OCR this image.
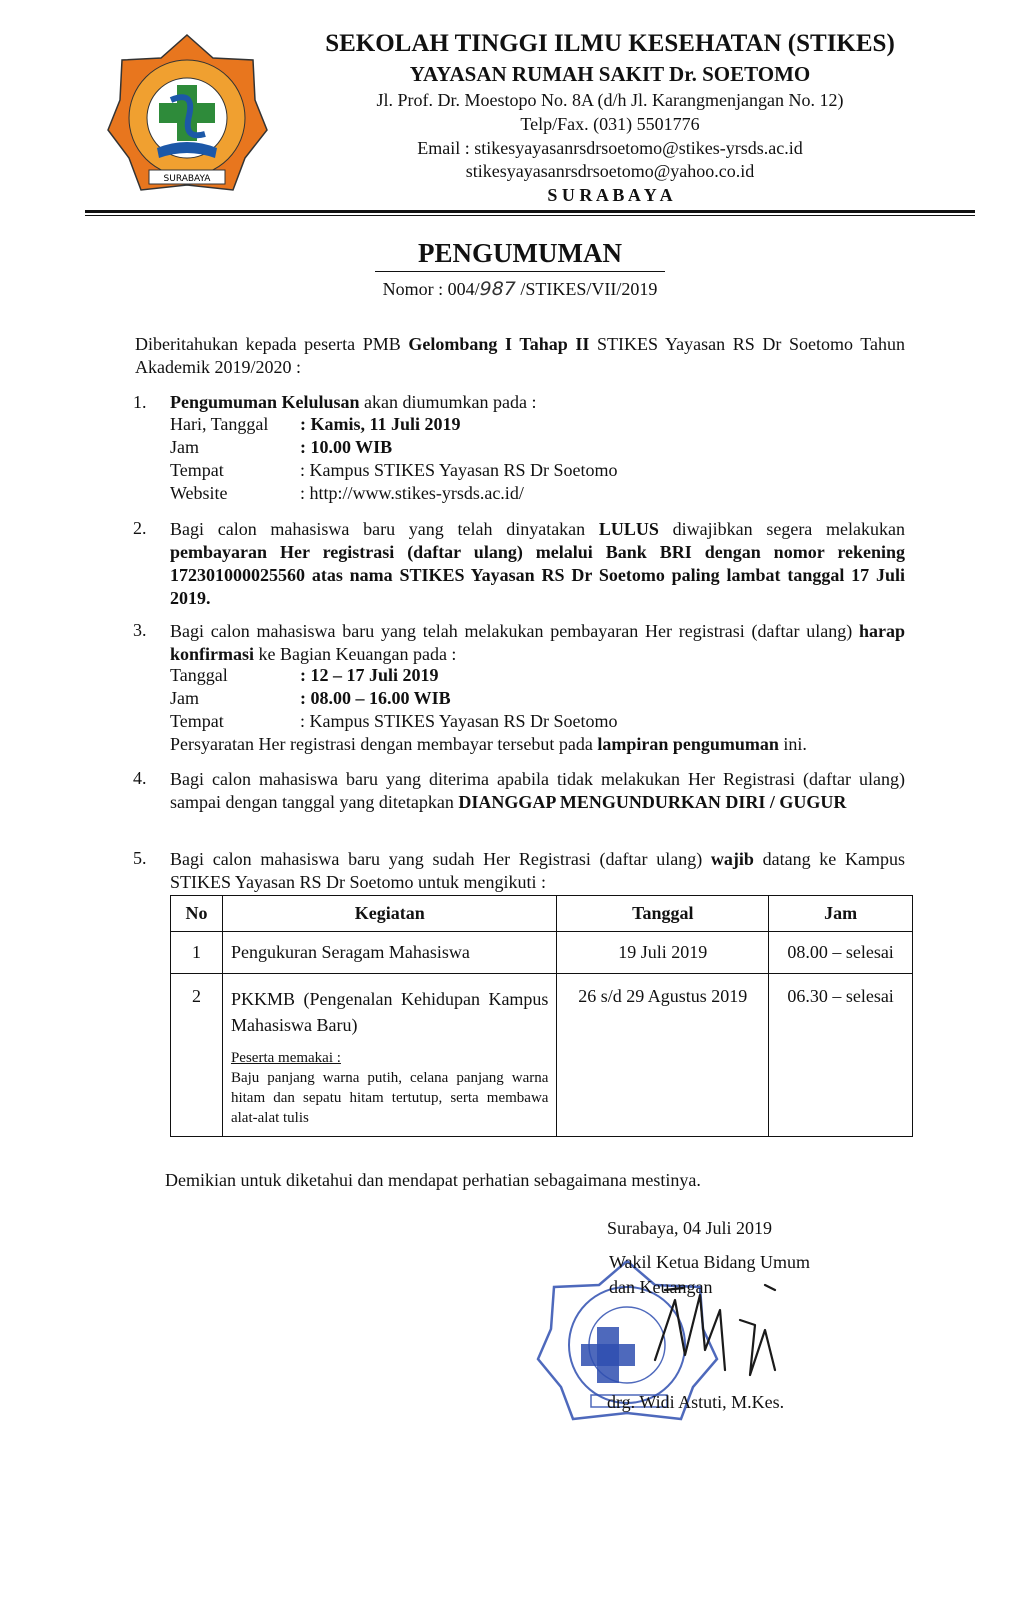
SURABAYA
SEKOLAH TINGGI ILMU KESEHATAN (STIKES)
YAYASAN RUMAH SAKIT Dr. SOETOMO
Jl. Prof. Dr. Moestopo No. 8A (d/h Jl. Karangmenjangan No. 12)
Telp/Fax. (031) 5501776
Email : stikesyayasanrsdrsoetomo@stikes-yrsds.ac.id
stikesyayasanrsdrsoetomo@yahoo.co.id
S U R A B A Y A
PENGUMUMAN
Nomor : 004/987 /STIKES/VII/2019
Diberitahukan kepada peserta PMB Gelombang I Tahap II STIKES Yayasan RS Dr Soetomo Tahun Akademik 2019/2020 :
1. Pengumuman Kelulusan akan diumumkan pada :
Hari, Tanggal : Kamis, 11 Juli 2019
Jam	: 10.00 WIB
Tempat	: Kampus STIKES Yayasan RS Dr Soetomo
Website	: http://www.stikes-yrsds.ac.id/
2. Bagi calon mahasiswa baru yang telah dinyatakan LULUS diwajibkan segera melakukan pembayaran Her registrasi (daftar ulang) melalui Bank BRI dengan nomor rekening 172301000025560 atas nama STIKES Yayasan RS Dr Soetomo paling lambat tanggal 17 Juli 2019.
3. Bagi calon mahasiswa baru yang telah melakukan pembayaran Her registrasi (daftar ulang) harap konfirmasi ke Bagian Keuangan pada :
Tanggal	: 12 – 17 Juli 2019
Jam	: 08.00 – 16.00 WIB
Tempat	: Kampus STIKES Yayasan RS Dr Soetomo
Persyaratan Her registrasi dengan membayar tersebut pada lampiran pengumuman ini.
4. Bagi calon mahasiswa baru yang diterima apabila tidak melakukan Her Registrasi (daftar ulang) sampai dengan tanggal yang ditetapkan DIANGGAP MENGUNDURKAN DIRI / GUGUR
5. Bagi calon mahasiswa baru yang sudah Her Registrasi (daftar ulang) wajib datang ke Kampus STIKES Yayasan RS Dr Soetomo untuk mengikuti :
No	Kegiatan	Tanggal	Jam
1	Pengukuran Seragam Mahasiswa	19 Juli 2019	08.00 – selesai
2	PKKMB (Pengenalan Kehidupan Kampus Mahasiswa Baru)
Peserta memakai :
Baju panjang warna putih, celana panjang warna hitam dan sepatu hitam tertutup, serta membawa alat-alat tulis	26 s/d 29 Agustus 2019	06.30 – selesai
Demikian untuk diketahui dan mendapat perhatian sebagaimana mestinya.
Surabaya, 04 Juli 2019
Wakil Ketua Bidang Umum
dan Keuangan
drg. Widi Astuti, M.Kes.
